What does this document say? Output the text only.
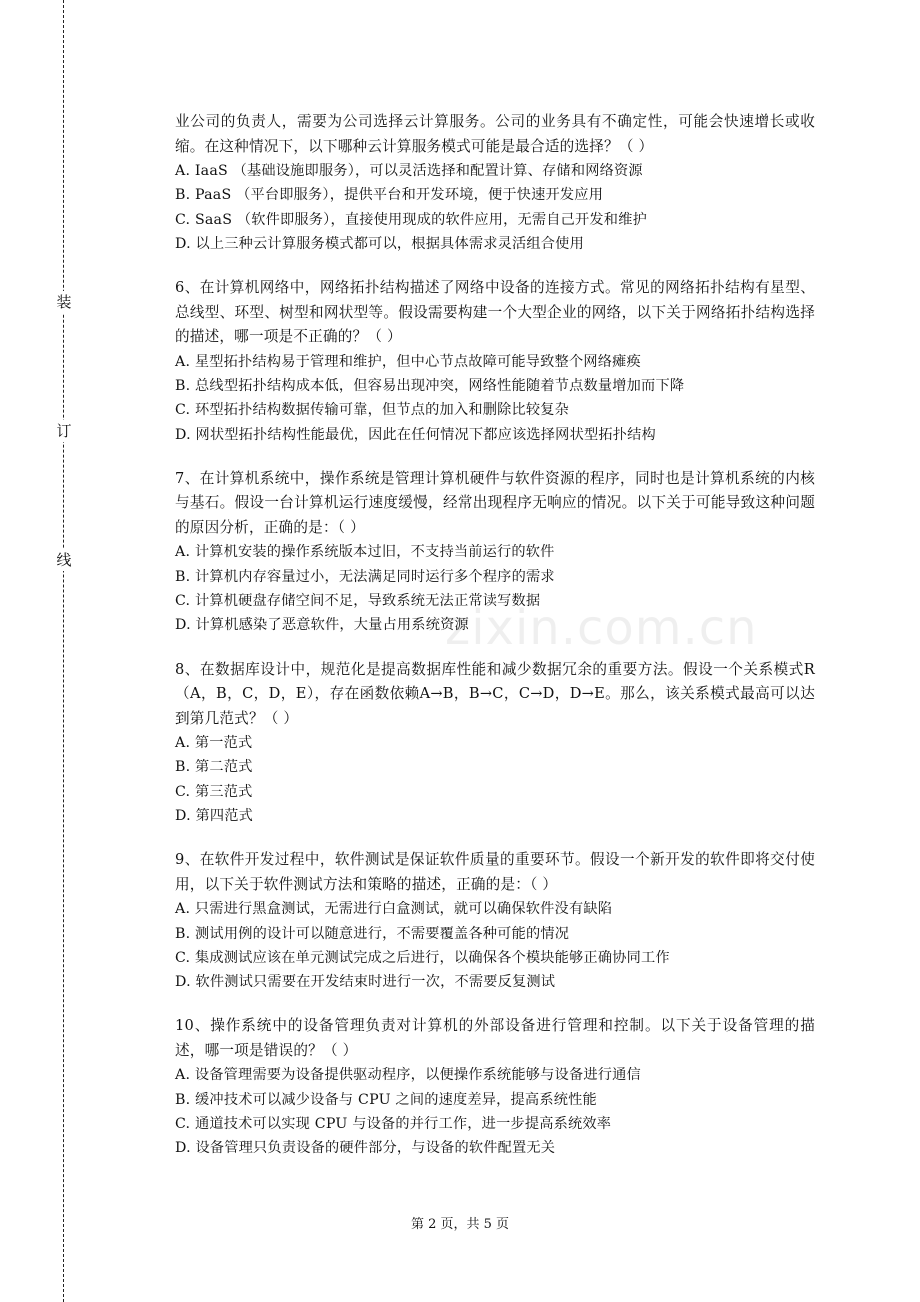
装
订
线
zixin.com.cn

业公司的负责人，需要为公司选择云计算服务。公司的业务具有不确定性，可能会快速增长或收缩。在这种情况下，以下哪种云计算服务模式可能是最合适的选择？（ ）

A. IaaS （基础设施即服务），可以灵活选择和配置计算、存储和网络资源

B. PaaS （平台即服务），提供平台和开发环境，便于快速开发应用

C. SaaS （软件即服务），直接使用现成的软件应用，无需自己开发和维护

D. 以上三种云计算服务模式都可以，根据具体需求灵活组合使用

6、在计算机网络中，网络拓扑结构描述了网络中设备的连接方式。常见的网络拓扑结构有星型、总线型、环型、树型和网状型等。假设需要构建一个大型企业的网络，以下关于网络拓扑结构选择的描述，哪一项是不正确的？（ ）

A. 星型拓扑结构易于管理和维护，但中心节点故障可能导致整个网络瘫痪

B. 总线型拓扑结构成本低，但容易出现冲突，网络性能随着节点数量增加而下降

C. 环型拓扑结构数据传输可靠，但节点的加入和删除比较复杂

D. 网状型拓扑结构性能最优，因此在任何情况下都应该选择网状型拓扑结构

7、在计算机系统中，操作系统是管理计算机硬件与软件资源的程序，同时也是计算机系统的内核与基石。假设一台计算机运行速度缓慢，经常出现程序无响应的情况。以下关于可能导致这种问题的原因分析，正确的是：（ ）

A. 计算机安装的操作系统版本过旧，不支持当前运行的软件

B. 计算机内存容量过小，无法满足同时运行多个程序的需求

C. 计算机硬盘存储空间不足，导致系统无法正常读写数据

D. 计算机感染了恶意软件，大量占用系统资源

8、在数据库设计中，规范化是提高数据库性能和减少数据冗余的重要方法。假设一个关系模式R（A，B，C，D，E），存在函数依赖A→B，B→C，C→D，D→E。那么，该关系模式最高可以达到第几范式？（ ）

A. 第一范式

B. 第二范式

C. 第三范式

D. 第四范式

9、在软件开发过程中，软件测试是保证软件质量的重要环节。假设一个新开发的软件即将交付使用，以下关于软件测试方法和策略的描述，正确的是：（ ）

A. 只需进行黑盒测试，无需进行白盒测试，就可以确保软件没有缺陷

B. 测试用例的设计可以随意进行，不需要覆盖各种可能的情况

C. 集成测试应该在单元测试完成之后进行，以确保各个模块能够正确协同工作

D. 软件测试只需要在开发结束时进行一次，不需要反复测试

10、操作系统中的设备管理负责对计算机的外部设备进行管理和控制。以下关于设备管理的描述，哪一项是错误的？（ ）

A. 设备管理需要为设备提供驱动程序，以便操作系统能够与设备进行通信

B. 缓冲技术可以减少设备与 CPU 之间的速度差异，提高系统性能

C. 通道技术可以实现 CPU 与设备的并行工作，进一步提高系统效率

D. 设备管理只负责设备的硬件部分，与设备的软件配置无关

第 2 页，共 5 页
